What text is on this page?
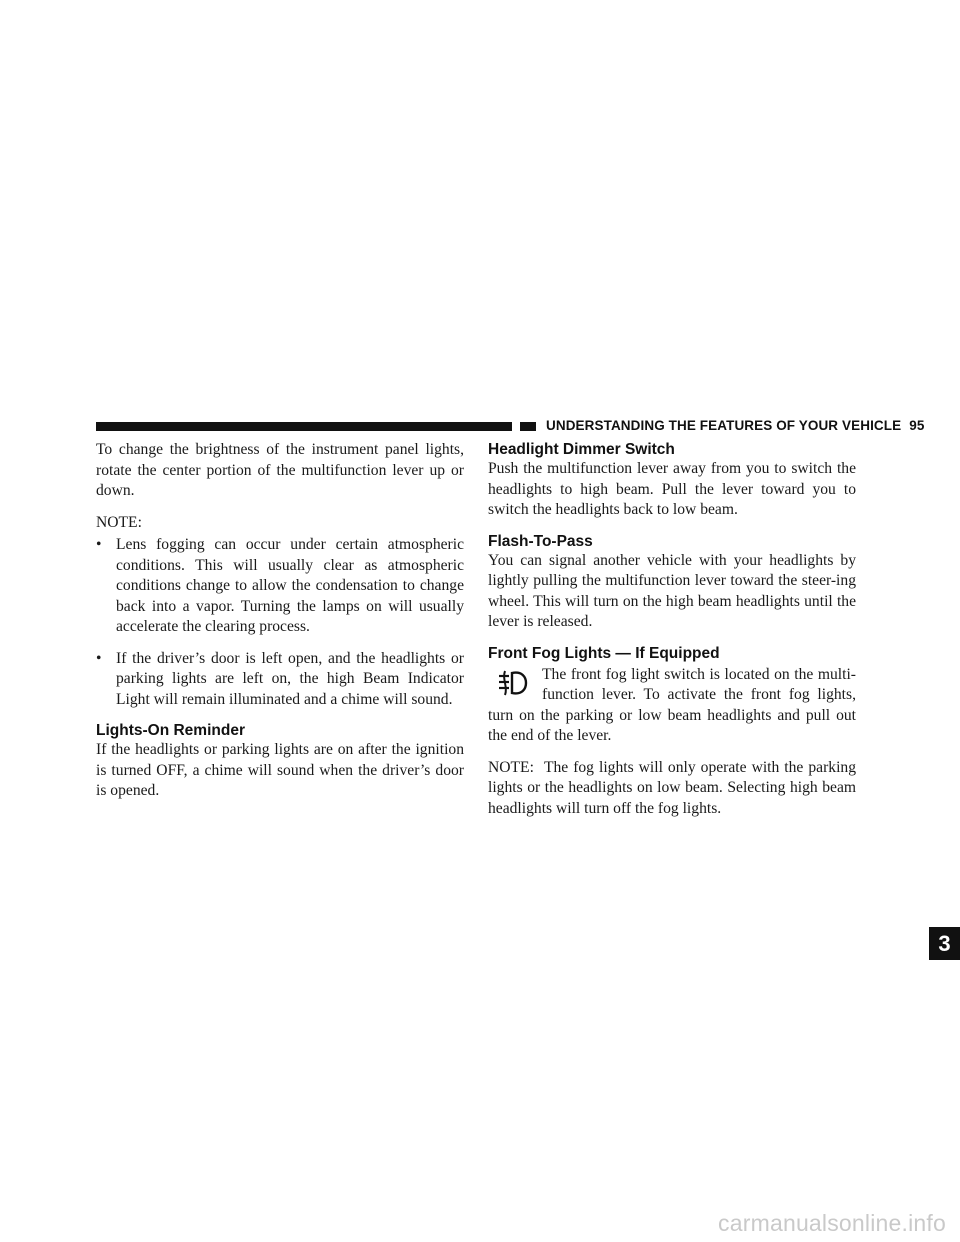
UNDERSTANDING THE FEATURES OF YOUR VEHICLE 95

To change the brightness of the instrument panel lights, rotate the center portion of the multifunction lever up or down.

NOTE:

• Lens fogging can occur under certain atmospheric conditions. This will usually clear as atmospheric conditions change to allow the condensation to change back into a vapor. Turning the lamps on will usually accelerate the clearing process.
• If the driver’s door is left open, and the headlights or parking lights are left on, the high Beam Indicator Light will remain illuminated and a chime will sound.
Lights-On Reminder

If the headlights or parking lights are on after the ignition is turned OFF, a chime will sound when the driver’s door is opened.

Headlight Dimmer Switch

Push the multifunction lever away from you to switch the headlights to high beam. Pull the lever toward you to switch the headlights back to low beam.

Flash-To-Pass

You can signal another vehicle with your headlights by lightly pulling the multifunction lever toward the steer-ing wheel. This will turn on the high beam headlights until the lever is released.

Front Fog Lights — If Equipped

The front fog light switch is located on the multi-function lever. To activate the front fog lights, turn on the parking or low beam headlights and pull out the end of the lever.

NOTE: The fog lights will only operate with the parking lights or the headlights on low beam. Selecting high beam headlights will turn off the fog lights.

3
carmanualsonline.info
